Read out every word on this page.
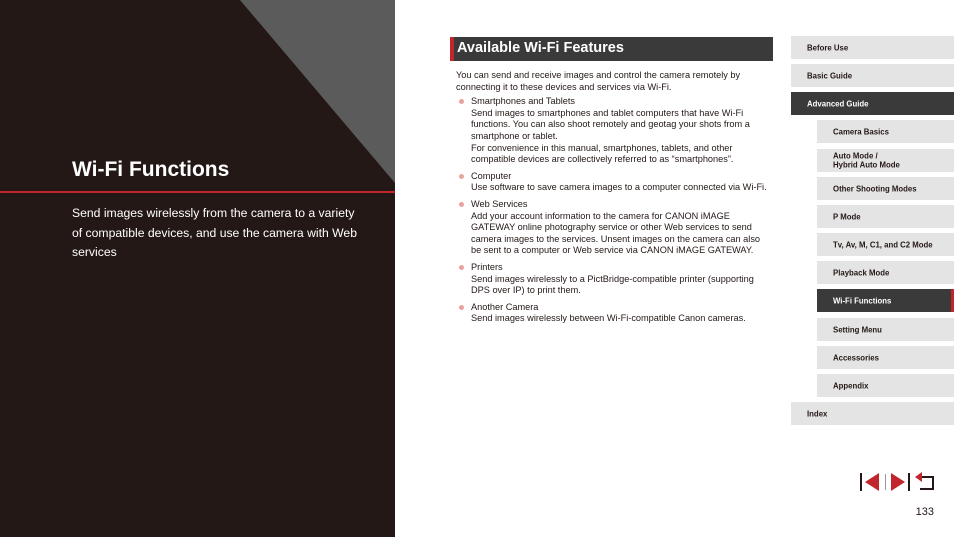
Wi-Fi Functions

Send images wirelessly from the camera to a variety of compatible devices, and use the camera with Web services

Available Wi-Fi Features

You can send and receive images and control the camera remotely by connecting it to these devices and services via Wi-Fi.

Smartphones and Tablets

Send images to smartphones and tablet computers that have Wi-Fi functions. You can also shoot remotely and geotag your shots from a smartphone or tablet.

For convenience in this manual, smartphones, tablets, and other compatible devices are collectively referred to as “smartphones”.

Computer

Use software to save camera images to a computer connected via Wi-Fi.

Web Services

Add your account information to the camera for CANON iMAGE GATEWAY online photography service or other Web services to send camera images to the services. Unsent images on the camera can also be sent to a computer or Web service via CANON iMAGE GATEWAY.

Printers

Send images wirelessly to a PictBridge-compatible printer (supporting DPS over IP) to print them.

Another Camera

Send images wirelessly between Wi-Fi-compatible Canon cameras.

Before Use
Basic Guide
Advanced Guide
Camera Basics
Auto Mode /
Hybrid Auto Mode
Other Shooting Modes
P Mode
Tv, Av, M, C1, and C2 Mode
Playback Mode
Wi-Fi Functions
Setting Menu
Accessories
Appendix
Index

133
